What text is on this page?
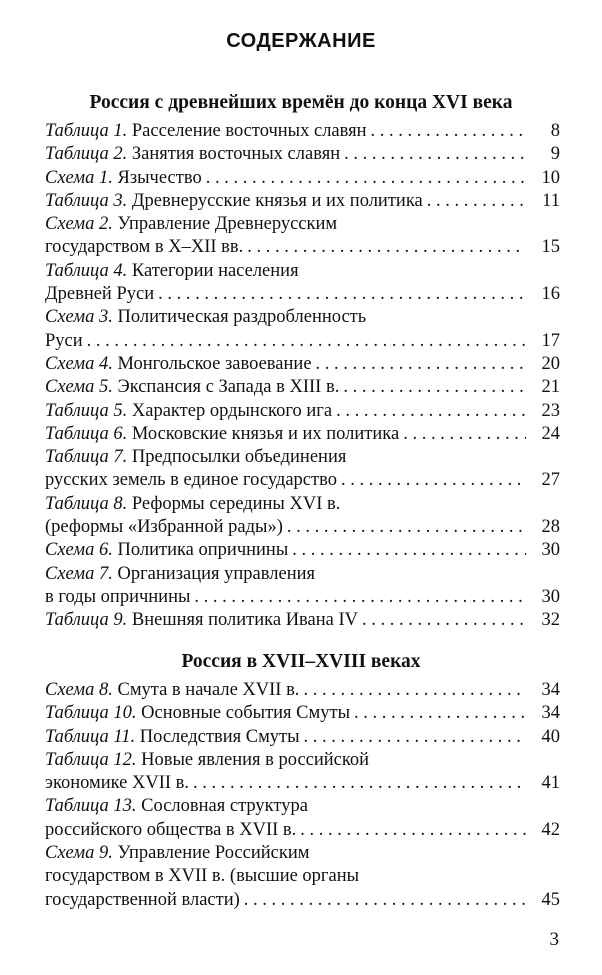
СОДЕРЖАНИЕ
Россия с древнейших времён до конца XVI века
Таблица 1. Расселение восточных славян . . .	8
Таблица 2. Занятия восточных славян . . .	9
Схема 1. Язычество . . .	10
Таблица 3. Древнерусские князья и их политика . . .	11
Схема 2. Управление Древнерусским
государством в X–XII вв. . . .	15
Таблица 4. Категории населения
Древней Руси . . .	16
Схема 3. Политическая раздробленность
Руси . . .	17
Схема 4. Монгольское завоевание . . .	20
Схема 5. Экспансия с Запада в XIII в. . . .	21
Таблица 5. Характер ордынского ига . . .	23
Таблица 6. Московские князья и их политика . . .	24
Таблица 7. Предпосылки объединения
русских земель в единое государство . . .	27
Таблица 8. Реформы середины XVI в.
(реформы «Избранной рады») . . .	28
Схема 6. Политика опричнины . . .	30
Схема 7. Организация управления
в годы опричнины . . .	30
Таблица 9. Внешняя политика Ивана IV . . .	32
Россия в XVII–XVIII веках
Схема 8. Смута в начале XVII в. . . .	34
Таблица 10. Основные события Смуты . . .	34
Таблица 11. Последствия Смуты . . .	40
Таблица 12. Новые явления в российской
экономике XVII в. . . .	41
Таблица 13. Сословная структура
российского общества в XVII в. . . .	42
Схема 9. Управление Российским
государством в XVII в. (высшие органы
государственной власти) . . .	45
3
